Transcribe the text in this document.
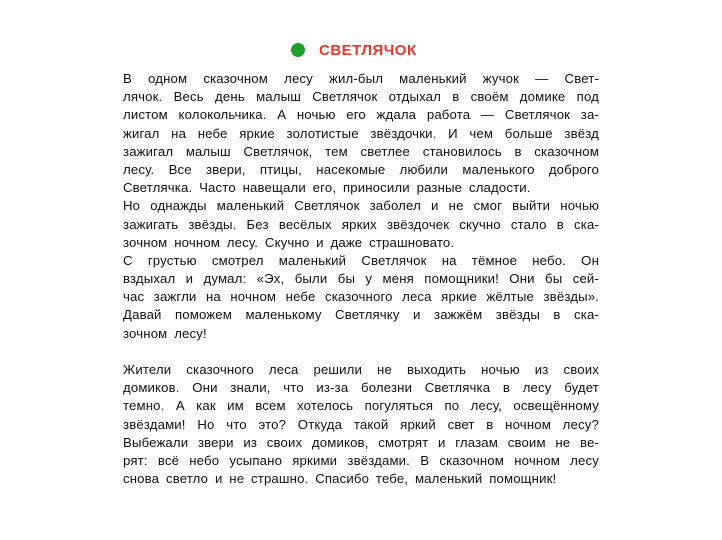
СВЕТЛЯЧОК
В одном сказочном лесу жил-был маленький жучок — Свет-
лячок. Весь день малыш Светлячок отдыхал в своём домике под
листом колокольчика. А ночью его ждала работа — Светлячок за-
жигал на небе яркие золотистые звёздочки. И чем больше звёзд
зажигал малыш Светлячок, тем светлее становилось в сказочном
лесу. Все звери, птицы, насекомые любили маленького доброго
Светлячка. Часто навещали его, приносили разные сладости.
Но однажды маленький Светлячок заболел и не смог выйти ночью
зажигать звёзды. Без весёлых ярких звёздочек скучно стало в ска-
зочном ночном лесу. Скучно и даже страшновато.
С грустью смотрел маленький Светлячок на тёмное небо. Он
вздыхал и думал: «Эх, были бы у меня помощники! Они бы сей-
час зажгли на ночном небе сказочного леса яркие жёлтые звёзды».
Давай поможем маленькому Светлячку и зажжём звёзды в ска-
зочном лесу!
Жители сказочного леса решили не выходить ночью из своих
домиков. Они знали, что из-за болезни Светлячка в лесу будет
темно. А как им всем хотелось погуляться по лесу, освещённому
звёздами! Но что это? Откуда такой яркий свет в ночном лесу?
Выбежали звери из своих домиков, смотрят и глазам своим не ве-
рят: всё небо усыпано яркими звёздами. В сказочном ночном лесу
снова светло и не страшно. Спасибо тебе, маленький помощник!
